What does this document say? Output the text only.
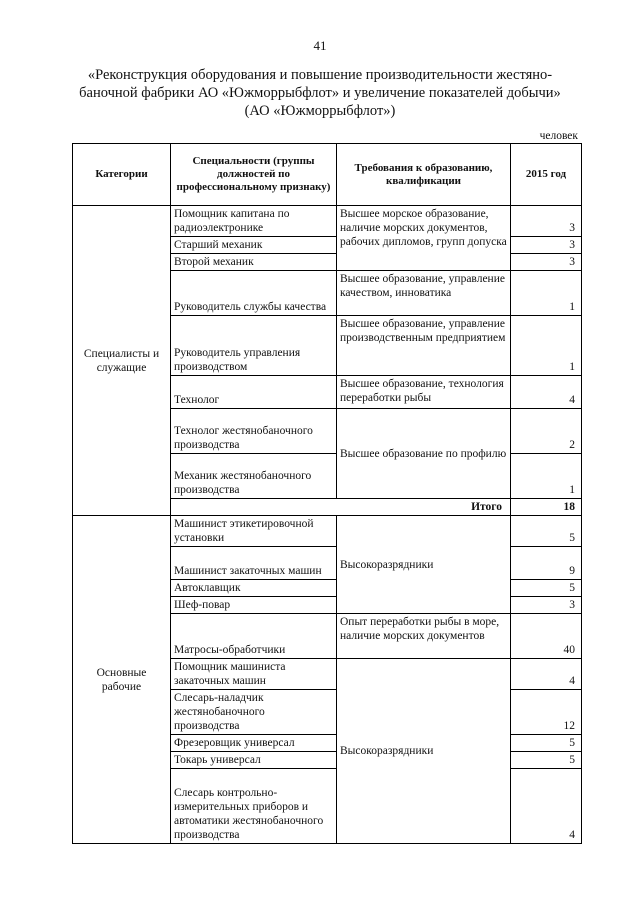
41
«Реконструкция оборудования и повышение производительности жестяно-
баночной фабрики АО «Южморрыбфлот» и увеличение показателей добычи»
(АО «Южморрыбфлот»)
человек
Категории	Специальности (группы должностей по профессиональному признаку)	Требования к образованию, квалификации	2015 год
Специалисты и служащие	Помощник капитана по радиоэлектронике	Высшее морское образование, наличие морских документов, рабочих дипломов, групп допуска	3
	Старший механик		3
	Второй механик		3
	Руководитель службы качества	Высшее образование, управление качеством, инноватика	1
	Руководитель управления производством	Высшее образование, управление производственным предприятием	1
	Технолог	Высшее образование, технология переработки рыбы	4
	Технолог жестянобаночного производства	Высшее образование по профилю	2
	Механик жестянобаночного производства		1
	Итого		18
Основные рабочие	Машинист этикетировочной установки	Высокоразрядники	5
	Машинист закаточных машин		9
	Автоклавщик		5
	Шеф-повар		3
	Матросы-обработчики	Опыт переработки рыбы в море, наличие морских документов	40
	Помощник машиниста закаточных машин	Высокоразрядники	4
	Слесарь-наладчик жестянобаночного производства		12
	Фрезеровщик универсал		5
	Токарь универсал		5
	Слесарь контрольно-измерительных приборов и автоматики жестянобаночного производства		4
